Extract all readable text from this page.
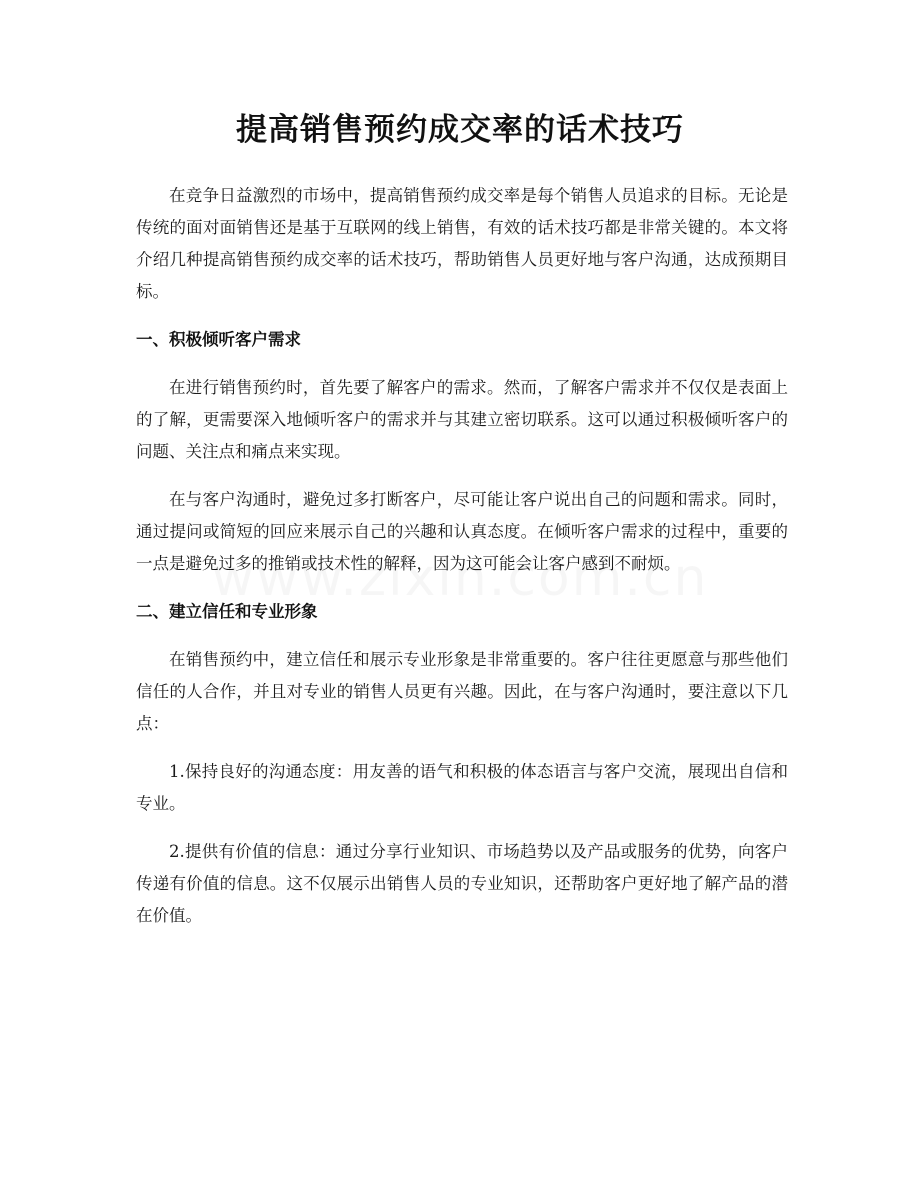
提高销售预约成交率的话术技巧

在竞争日益激烈的市场中，提高销售预约成交率是每个销售人员追求的目标。无论是传统的面对面销售还是基于互联网的线上销售，有效的话术技巧都是非常关键的。本文将介绍几种提高销售预约成交率的话术技巧，帮助销售人员更好地与客户沟通，达成预期目标。

一、积极倾听客户需求

在进行销售预约时，首先要了解客户的需求。然而，了解客户需求并不仅仅是表面上的了解，更需要深入地倾听客户的需求并与其建立密切联系。这可以通过积极倾听客户的问题、关注点和痛点来实现。

在与客户沟通时，避免过多打断客户，尽可能让客户说出自己的问题和需求。同时，通过提问或简短的回应来展示自己的兴趣和认真态度。在倾听客户需求的过程中，重要的一点是避免过多的推销或技术性的解释，因为这可能会让客户感到不耐烦。

二、建立信任和专业形象

在销售预约中，建立信任和展示专业形象是非常重要的。客户往往更愿意与那些他们信任的人合作，并且对专业的销售人员更有兴趣。因此，在与客户沟通时，要注意以下几点：

1.保持良好的沟通态度：用友善的语气和积极的体态语言与客户交流，展现出自信和专业。

2.提供有价值的信息：通过分享行业知识、市场趋势以及产品或服务的优势，向客户传递有价值的信息。这不仅展示出销售人员的专业知识，还帮助客户更好地了解产品的潜在价值。
